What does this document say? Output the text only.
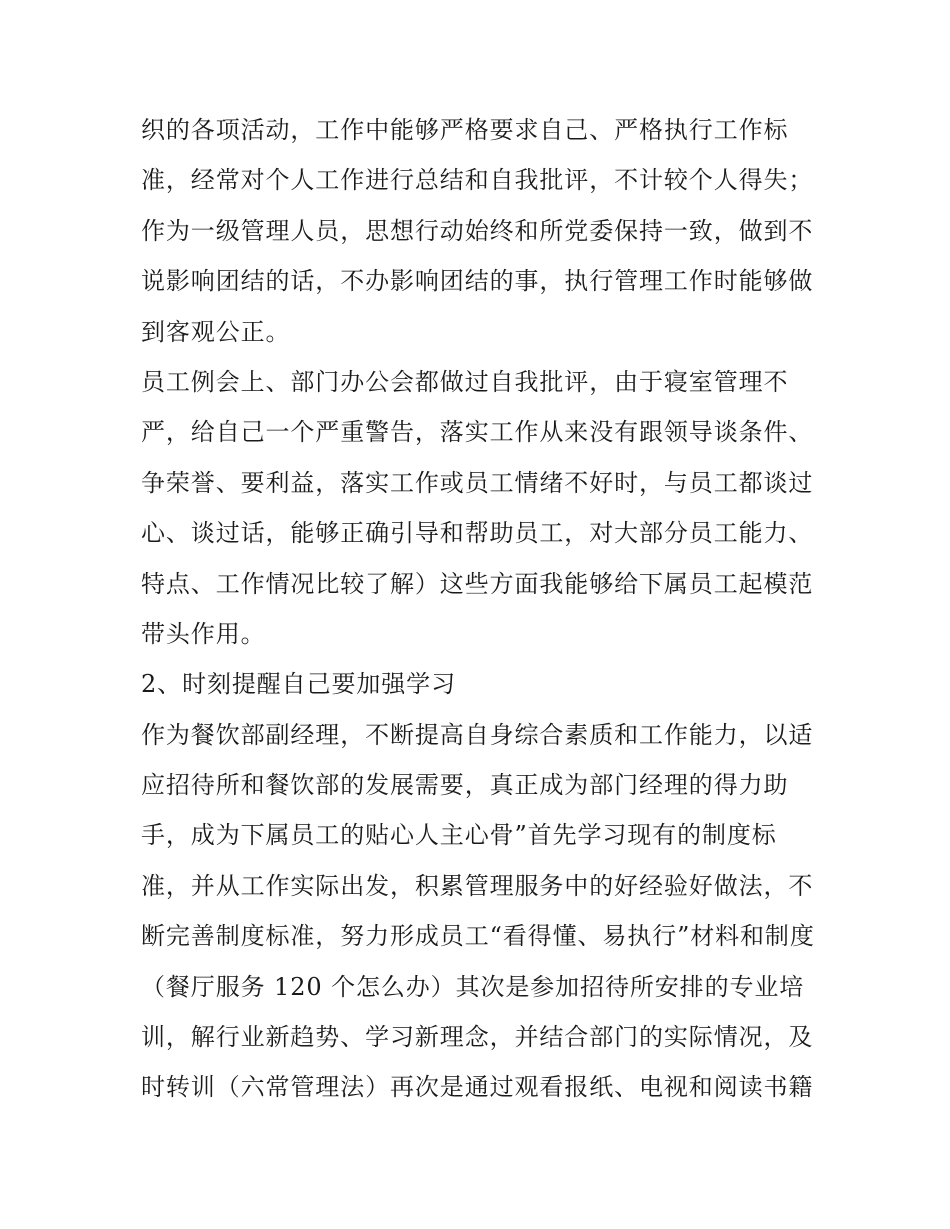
织的各项活动，工作中能够严格要求自己、严格执行工作标
准，经常对个人工作进行总结和自我批评，不计较个人得失；
作为一级管理人员，思想行动始终和所党委保持一致，做到不
说影响团结的话，不办影响团结的事，执行管理工作时能够做
到客观公正。
员工例会上、部门办公会都做过自我批评，由于寝室管理不
严，给自己一个严重警告，落实工作从来没有跟领导谈条件、
争荣誉、要利益，落实工作或员工情绪不好时，与员工都谈过
心、谈过话，能够正确引导和帮助员工，对大部分员工能力、
特点、工作情况比较了解）这些方面我能够给下属员工起模范
带头作用。
2、时刻提醒自己要加强学习
作为餐饮部副经理，不断提高自身综合素质和工作能力，以适
应招待所和餐饮部的发展需要，真正成为部门经理的得力助
手，成为下属员工的贴心人主心骨”首先学习现有的制度标
准，并从工作实际出发，积累管理服务中的好经验好做法，不
断完善制度标准，努力形成员工“看得懂、易执行”材料和制度
（餐厅服务 120 个怎么办）其次是参加招待所安排的专业培
训，解行业新趋势、学习新理念，并结合部门的实际情况，及
时转训（六常管理法）再次是通过观看报纸、电视和阅读书籍
